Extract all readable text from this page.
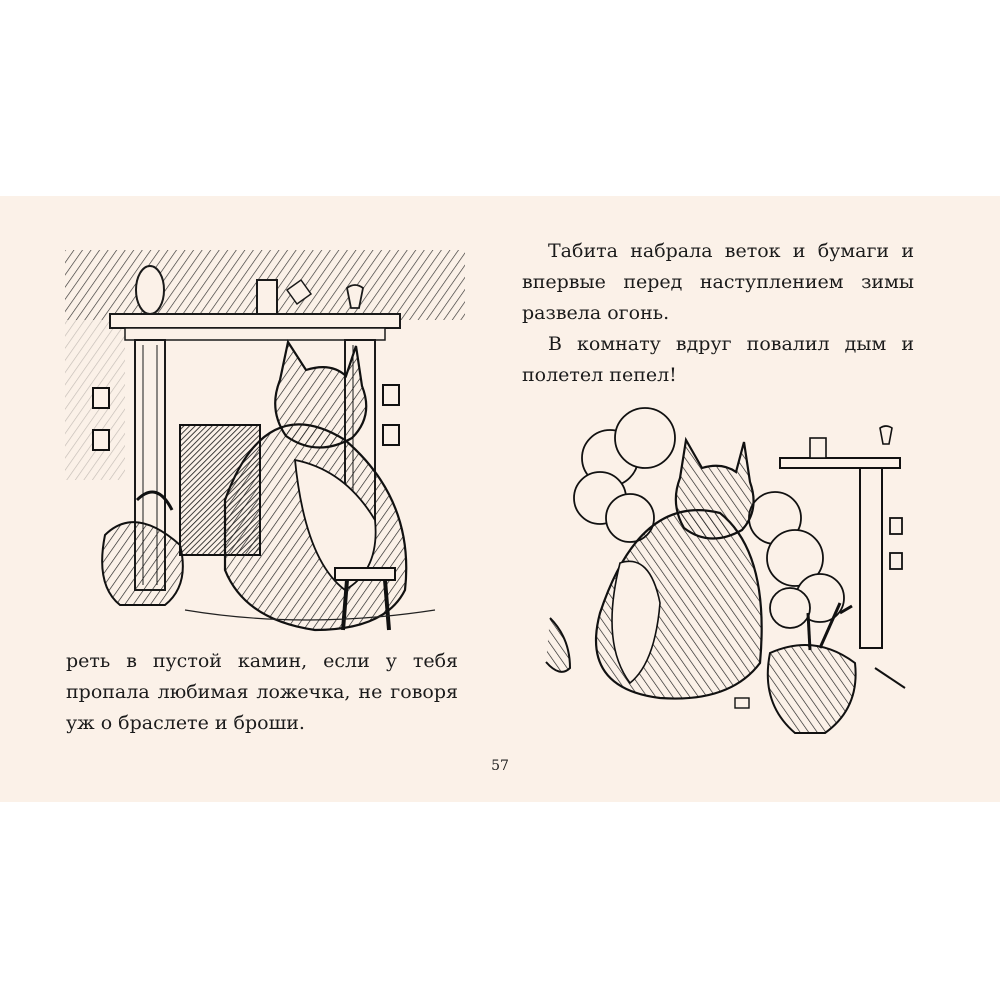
Табита набрала веток и бумаги и впервые перед наступлением зимы развела огонь.

В комнату вдруг повалил дым и полетел пепел!

реть в пустой камин, если у тебя пропала любимая ложечка, не говоря уж о браслете и броши.

57
